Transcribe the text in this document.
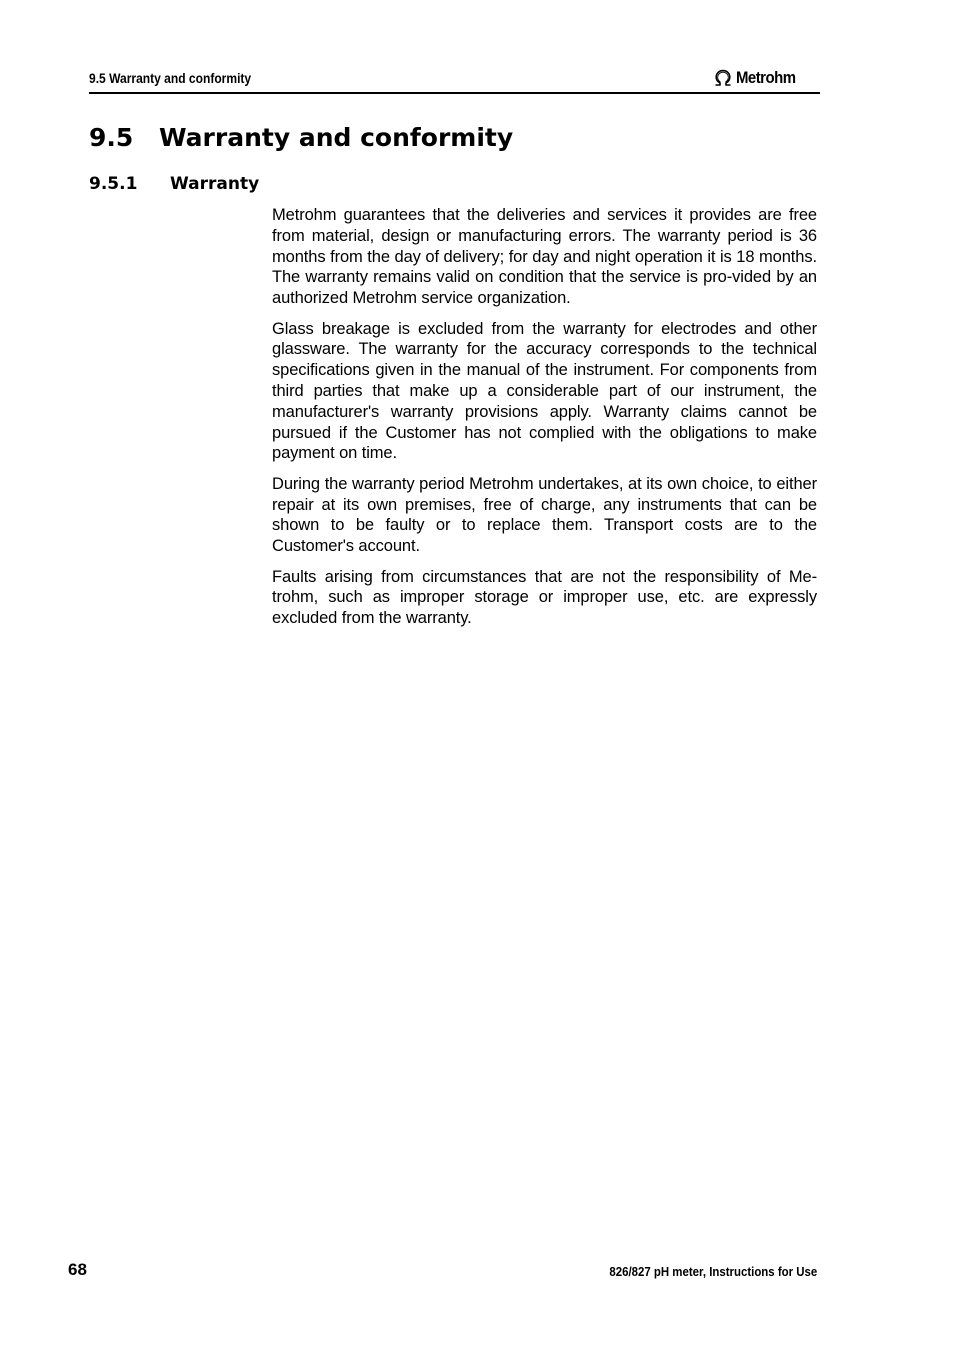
9.5 Warranty and conformity	Metrohm
9.5 Warranty and conformity
9.5.1 Warranty

Metrohm guarantees that the deliveries and services it provides are free from material, design or manufacturing errors. The warranty period is 36 months from the day of delivery; for day and night operation it is 18 months. The warranty remains valid on condition that the service is pro-vided by an authorized Metrohm service organization.

Glass breakage is excluded from the warranty for electrodes and other glassware. The warranty for the accuracy corresponds to the technical specifications given in the manual of the instrument. For components from third parties that make up a considerable part of our instrument, the manufacturer's warranty provisions apply. Warranty claims cannot be pursued if the Customer has not complied with the obligations to make payment on time.

During the warranty period Metrohm undertakes, at its own choice, to either repair at its own premises, free of charge, any instruments that can be shown to be faulty or to replace them. Transport costs are to the Customer's account.

Faults arising from circumstances that are not the responsibility of Me-trohm, such as improper storage or improper use, etc. are expressly excluded from the warranty.

68	826/827 pH meter, Instructions for Use
